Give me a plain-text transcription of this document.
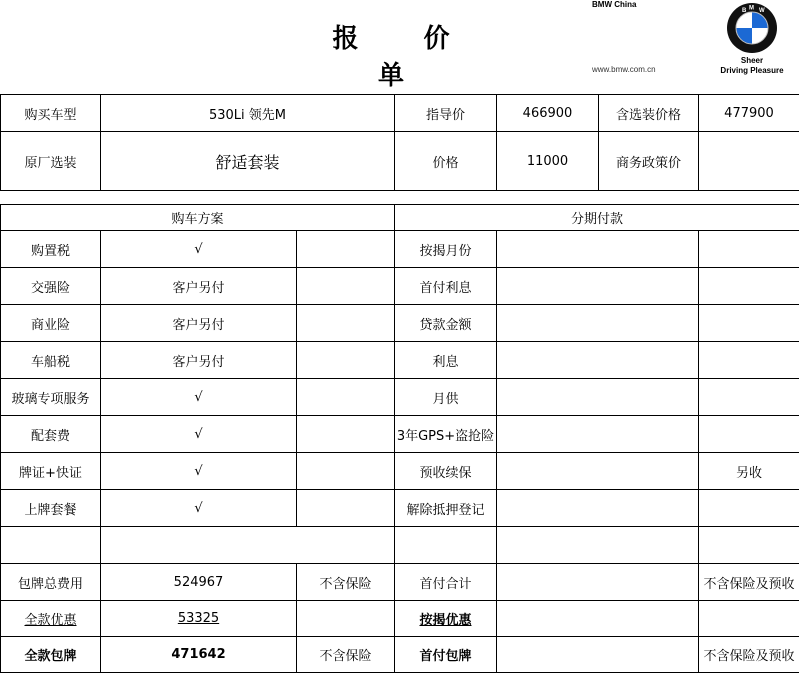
报 价 单
BMW China
www.bmw.com.cn
B M W
Sheer
Driving Pleasure
购买车型	530Li 领先M		指导价	466900	含选装价格	477900
原厂选装	舒适套装		价格	11000	商务政策价	

购车方案			分期付款			
购置税	√		按揭月份			
交强险	客户另付		首付利息			
商业险	客户另付		贷款金额			
车船税	客户另付		利息			
玻璃专项服务	√		月供			
配套费	√		3年GPS+盗抢险			
牌证+快证	√		预收续保			另收
上牌套餐	√		解除抵押登记			

包牌总费用	524967	不含保险	首付合计			不含保险及预收
全款优惠	53325		按揭优惠			
全款包牌	471642	不含保险	首付包牌			不含保险及预收
